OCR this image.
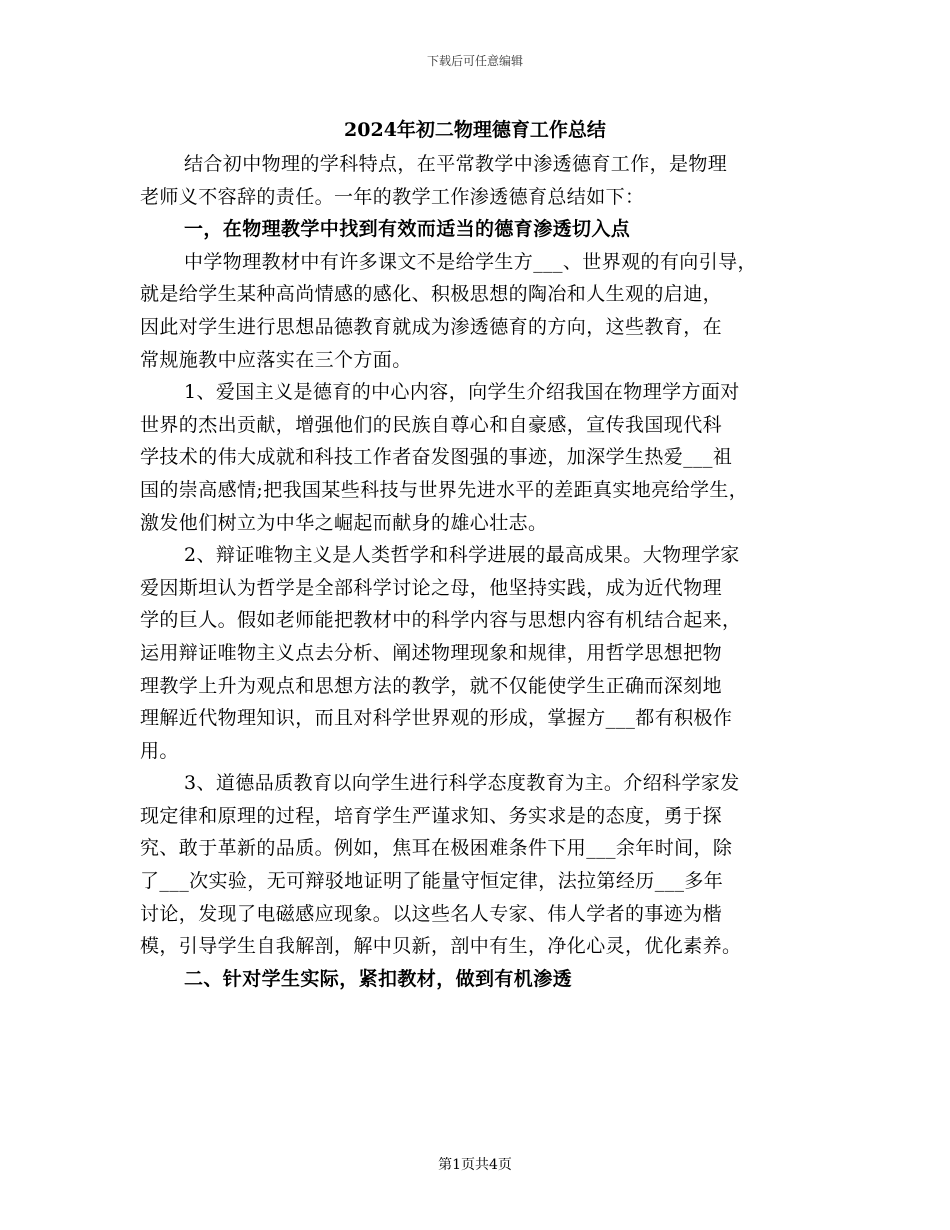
下载后可任意编辑
2024年初二物理德育工作总结
结合初中物理的学科特点，在平常教学中渗透德育工作，是物理
老师义不容辞的责任。一年的教学工作渗透德育总结如下：
一，在物理教学中找到有效而适当的德育渗透切入点
中学物理教材中有许多课文不是给学生方___、世界观的有向引导，
就是给学生某种高尚情感的感化、积极思想的陶冶和人生观的启迪，
因此对学生进行思想品德教育就成为渗透德育的方向，这些教育，在
常规施教中应落实在三个方面。
1、爱国主义是德育的中心内容，向学生介绍我国在物理学方面对
世界的杰出贡献，增强他们的民族自尊心和自豪感，宣传我国现代科
学技术的伟大成就和科技工作者奋发图强的事迹，加深学生热爱___祖
国的崇高感情;把我国某些科技与世界先进水平的差距真实地亮给学生，
激发他们树立为中华之崛起而献身的雄心壮志。
2、辩证唯物主义是人类哲学和科学进展的最高成果。大物理学家
爱因斯坦认为哲学是全部科学讨论之母，他坚持实践，成为近代物理
学的巨人。假如老师能把教材中的科学内容与思想内容有机结合起来，
运用辩证唯物主义点去分析、阐述物理现象和规律，用哲学思想把物
理教学上升为观点和思想方法的教学，就不仅能使学生正确而深刻地
理解近代物理知识，而且对科学世界观的形成，掌握方___都有积极作
用。
3、道德品质教育以向学生进行科学态度教育为主。介绍科学家发
现定律和原理的过程，培育学生严谨求知、务实求是的态度，勇于探
究、敢于革新的品质。例如，焦耳在极困难条件下用___余年时间，除
了___次实验，无可辩驳地证明了能量守恒定律，法拉第经历___多年
讨论，发现了电磁感应现象。以这些名人专家、伟人学者的事迹为楷
模，引导学生自我解剖，解中贝新，剖中有生，净化心灵，优化素养。
二、针对学生实际，紧扣教材，做到有机渗透
第1页共4页
